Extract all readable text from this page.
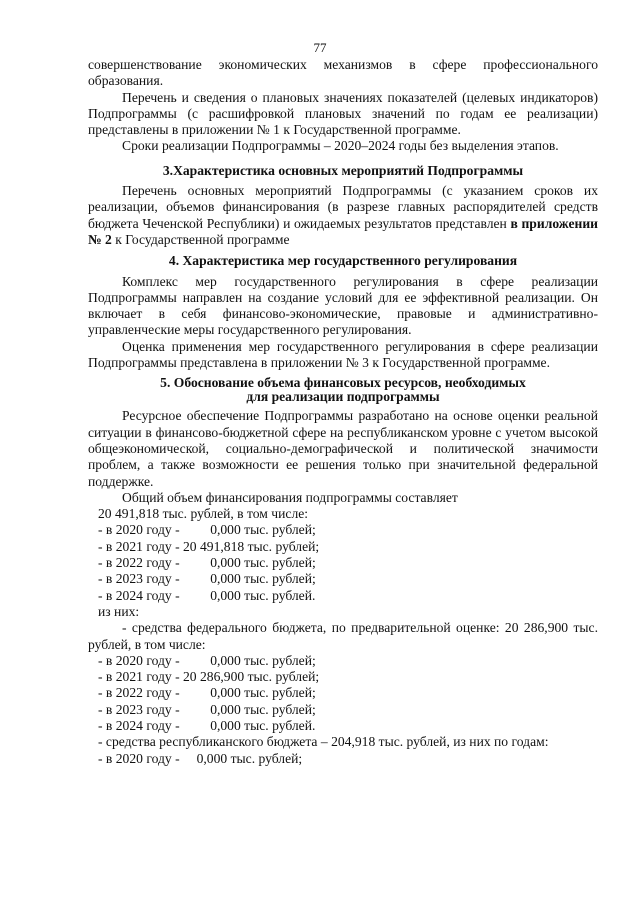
77

совершенствование экономических механизмов в сфере профессионального образования.

Перечень и сведения о плановых значениях показателей (целевых индикаторов) Подпрограммы (с расшифровкой плановых значений по годам ее реализации) представлены в приложении № 1 к Государственной программе.

Сроки реализации Подпрограммы – 2020–2024 годы без выделения этапов.

3.Характеристика основных мероприятий Подпрограммы

Перечень основных мероприятий Подпрограммы (с указанием сроков их реализации, объемов финансирования (в разрезе главных распорядителей средств бюджета Чеченской Республики) и ожидаемых результатов представлен в приложении № 2 к Государственной программе

4. Характеристика мер государственного регулирования

Комплекс мер государственного регулирования в сфере реализации Подпрограммы направлен на создание условий для ее эффективной реализации. Он включает в себя финансово-экономические, правовые и административно-управленческие меры государственного регулирования.

Оценка применения мер государственного регулирования в сфере реализации Подпрограммы представлена в приложении № 3 к Государственной программе.

5. Обоснование объема финансовых ресурсов, необходимых
для реализации подпрограммы

Ресурсное обеспечение Подпрограммы разработано на основе оценки реальной ситуации в финансово-бюджетной сфере на республиканском уровне с учетом высокой общеэкономической, социально-демографической и политической значимости проблем, а также возможности ее решения только при значительной федеральной поддержке.

Общий объем финансирования подпрограммы составляет

20 491,818 тыс. рублей, в том числе:

- в 2020 году -         0,000 тыс. рублей;
- в 2021 году - 20 491,818 тыс. рублей;
- в 2022 году -         0,000 тыс. рублей;
- в 2023 году -         0,000 тыс. рублей;
- в 2024 году -         0,000 тыс. рублей.

из них:

- средства федерального бюджета, по предварительной оценке: 20 286,900 тыс. рублей, в том числе:

- в 2020 году -         0,000 тыс. рублей;
- в 2021 году - 20 286,900 тыс. рублей;
- в 2022 году -         0,000 тыс. рублей;
- в 2023 году -         0,000 тыс. рублей;
- в 2024 году -         0,000 тыс. рублей.

- средства республиканского бюджета – 204,918 тыс. рублей, из них по годам:

- в 2020 году -     0,000 тыс. рублей;
